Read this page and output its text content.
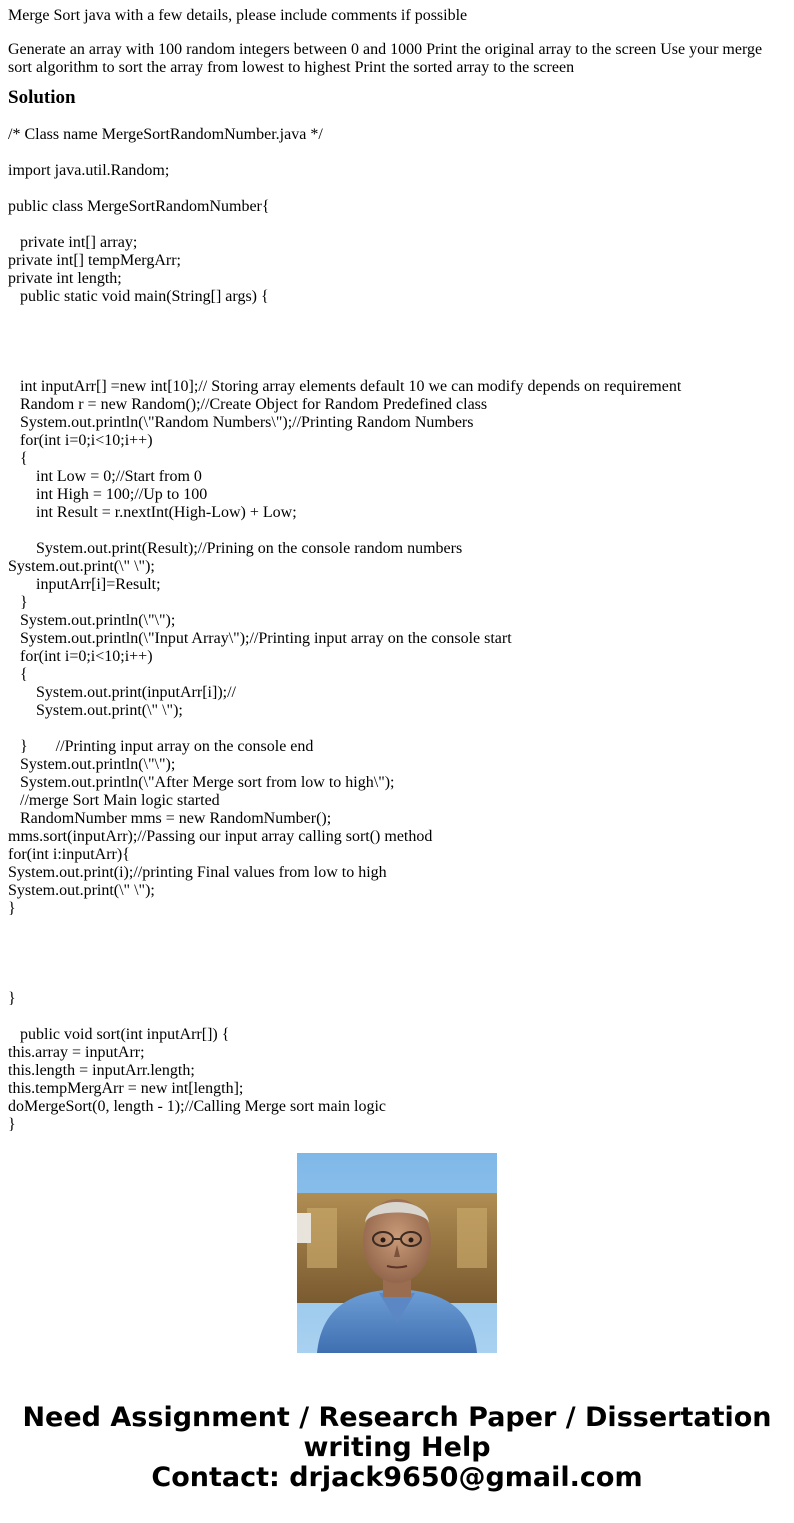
Merge Sort java with a few details, please include comments if possible
Generate an array with 100 random integers between 0 and 1000 Print the original array to the screen Use your merge sort algorithm to sort the array from lowest to highest Print the sorted array to the screen
Solution
/* Class name MergeSortRandomNumber.java */
import java.util.Random;
public class MergeSortRandomNumber{
private int[] array;
private int[] tempMergArr;
private int length;
public static void main(String[] args) {
int inputArr[] =new int[10];// Storing array elements default 10 we can modify depends on requirement
Random r = new Random();//Create Object for Random Predefined class
System.out.println(\"Random Numbers\");//Printing Random Numbers
for(int i=0;i<10;i++)
{
int Low = 0;//Start from 0
int High = 100;//Up to 100
int Result = r.nextInt(High-Low) + Low;
System.out.print(Result);//Prining on the console random numbers
System.out.print(\" \");
inputArr[i]=Result;
}
System.out.println(\"\");
System.out.println(\"Input Array\");//Printing input array on the console start
for(int i=0;i<10;i++)
{
System.out.print(inputArr[i]);//
System.out.print(\" \");
}       //Printing input array on the console end
System.out.println(\"\");
System.out.println(\"After Merge sort from low to high\");
//merge Sort Main logic started
RandomNumber mms = new RandomNumber();
mms.sort(inputArr);//Passing our input array calling sort() method
for(int i:inputArr){
System.out.print(i);//printing Final values from low to high
System.out.print(\" \");
}
}
public void sort(int inputArr[]) {
this.array = inputArr;
this.length = inputArr.length;
this.tempMergArr = new int[length];
doMergeSort(0, length - 1);//Calling Merge sort main logic
}
Need Assignment / Research Paper / Dissertation
writing Help
Contact: drjack9650@gmail.com
